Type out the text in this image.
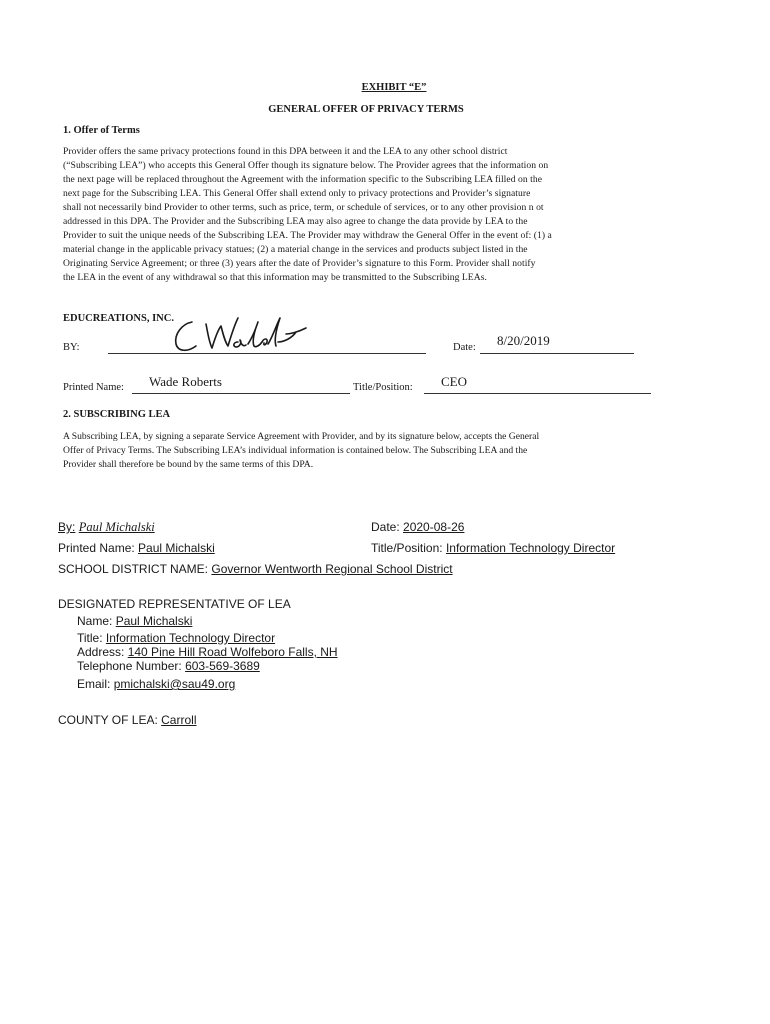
EXHIBIT “E”
GENERAL OFFER OF PRIVACY TERMS
1. Offer of Terms
Provider offers the same privacy protections found in this DPA between it and the LEA to any other school district
(“Subscribing LEA”) who accepts this General Offer though its signature below. The Provider agrees that the information on
the next page will be replaced throughout the Agreement with the information specific to the Subscribing LEA filled on the
next page for the Subscribing LEA. This General Offer shall extend only to privacy protections and Provider’s signature
shall not necessarily bind Provider to other terms, such as price, term, or schedule of services, or to any other provision n ot
addressed in this DPA. The Provider and the Subscribing LEA may also agree to change the data provide by LEA to the
Provider to suit the unique needs of the Subscribing LEA. The Provider may withdraw the General Offer in the event of: (1) a
material change in the applicable privacy statues; (2) a material change in the services and products subject listed in the
Originating Service Agreement; or three (3) years after the date of Provider’s signature to this Form. Provider shall notify
the LEA in the event of any withdrawal so that this information may be transmitted to the Subscribing LEAs.
EDUCREATIONS, INC.
BY:	Date: 8/20/2019
Printed Name: Wade Roberts	Title/Position: CEO
2. SUBSCRIBING LEA
A Subscribing LEA, by signing a separate Service Agreement with Provider, and by its signature below, accepts the General
Offer of Privacy Terms. The Subscribing LEA’s individual information is contained below. The Subscribing LEA and the
Provider shall therefore be bound by the same terms of this DPA.
By: Paul Michalski	Date: 2020-08-26
Printed Name: Paul Michalski	Title/Position: Information Technology Director
SCHOOL DISTRICT NAME: Governor Wentworth Regional School District
DESIGNATED REPRESENTATIVE OF LEA
Name: Paul Michalski
Title: Information Technology Director
Address: 140 Pine Hill Road Wolfeboro Falls, NH
Telephone Number: 603-569-3689
Email: pmichalski@sau49.org
COUNTY OF LEA: Carroll
